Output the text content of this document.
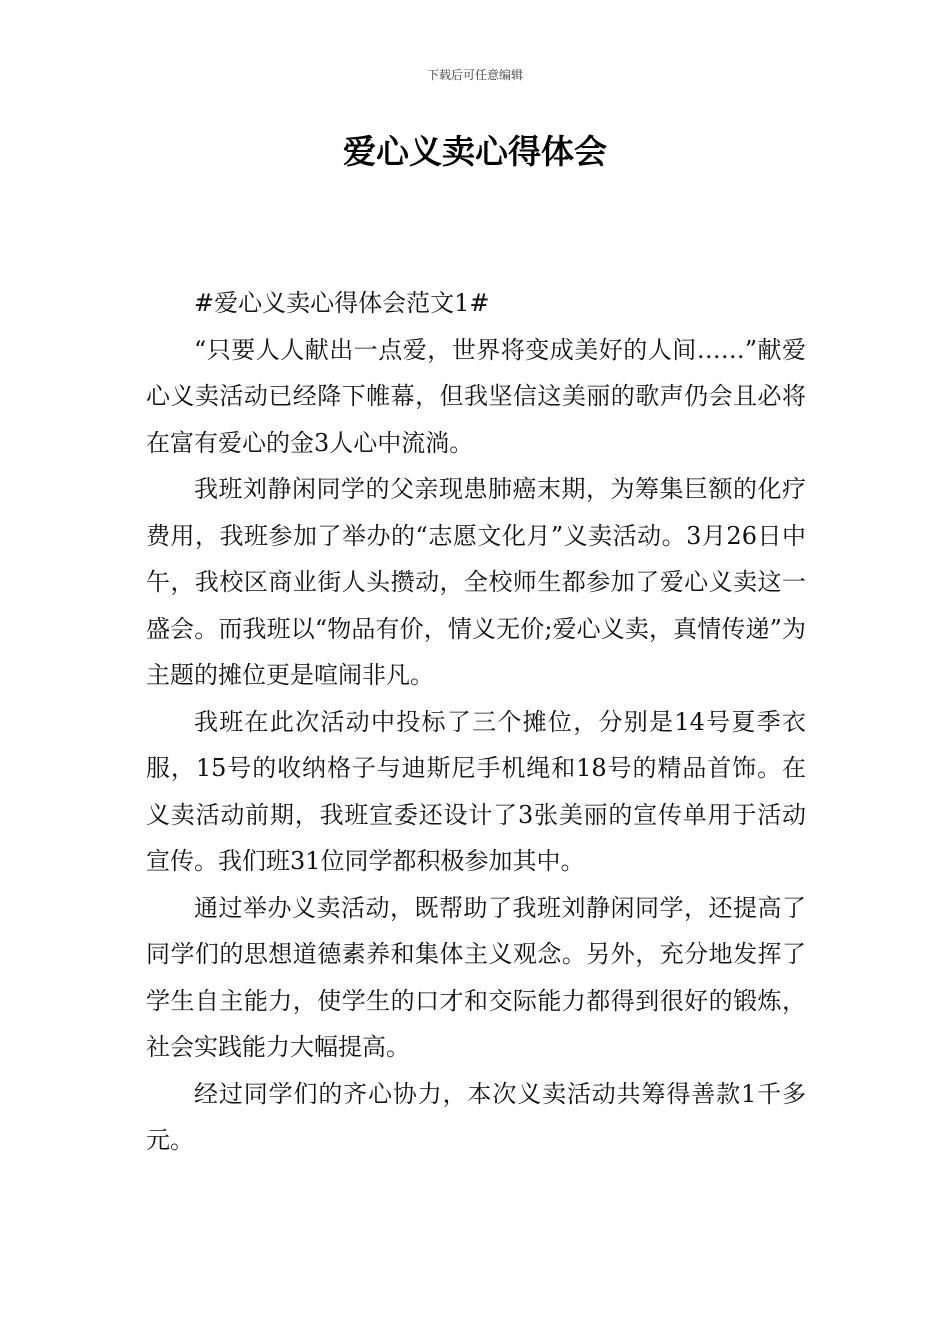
下载后可任意编辑
爱心义卖心得体会

#爱心义卖心得体会范文1#

“只要人人献出一点爱，世界将变成美好的人间……”献爱心义卖活动已经降下帷幕，但我坚信这美丽的歌声仍会且必将在富有爱心的金3人心中流淌。

我班刘静闲同学的父亲现患肺癌末期，为筹集巨额的化疗费用，我班参加了举办的“志愿文化月”义卖活动。3月26日中午，我校区商业街人头攒动，全校师生都参加了爱心义卖这一盛会。而我班以“物品有价，情义无价;爱心义卖，真情传递”为主题的摊位更是喧闹非凡。

我班在此次活动中投标了三个摊位，分别是14号夏季衣服，15号的收纳格子与迪斯尼手机绳和18号的精品首饰。在义卖活动前期，我班宣委还设计了3张美丽的宣传单用于活动宣传。我们班31位同学都积极参加其中。

通过举办义卖活动，既帮助了我班刘静闲同学，还提高了同学们的思想道德素养和集体主义观念。另外，充分地发挥了学生自主能力，使学生的口才和交际能力都得到很好的锻炼，社会实践能力大幅提高。

经过同学们的齐心协力，本次义卖活动共筹得善款1千多元。
